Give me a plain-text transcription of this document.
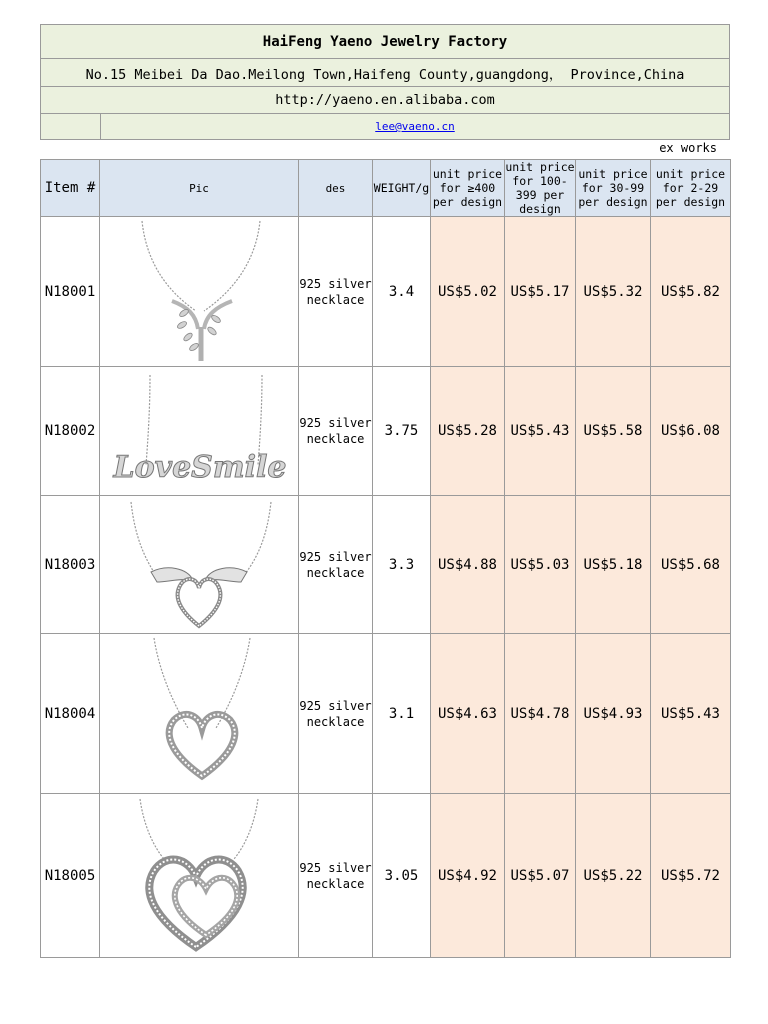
HaiFeng Yaeno Jewelry Factory
No.15 Meibei Da Dao.Meilong Town,Haifeng County,guangdong， Province,China
http://yaeno.en.alibaba.com
	lee@vaeno.cn
ex works
Item #	Pic	des	WEIGHT/g	unit price for ≥400 per design	unit price for 100-399 per design	unit price for 30-99 per design	unit price for 2-29 per design
N18001		925 silver necklace	3.4	US$5.02	US$5.17	US$5.32	US$5.82
N18002	LoveSmile	925 silver necklace	3.75	US$5.28	US$5.43	US$5.58	US$6.08
N18003		925 silver necklace	3.3	US$4.88	US$5.03	US$5.18	US$5.68
N18004		925 silver necklace	3.1	US$4.63	US$4.78	US$4.93	US$5.43
N18005		925 silver necklace	3.05	US$4.92	US$5.07	US$5.22	US$5.72
